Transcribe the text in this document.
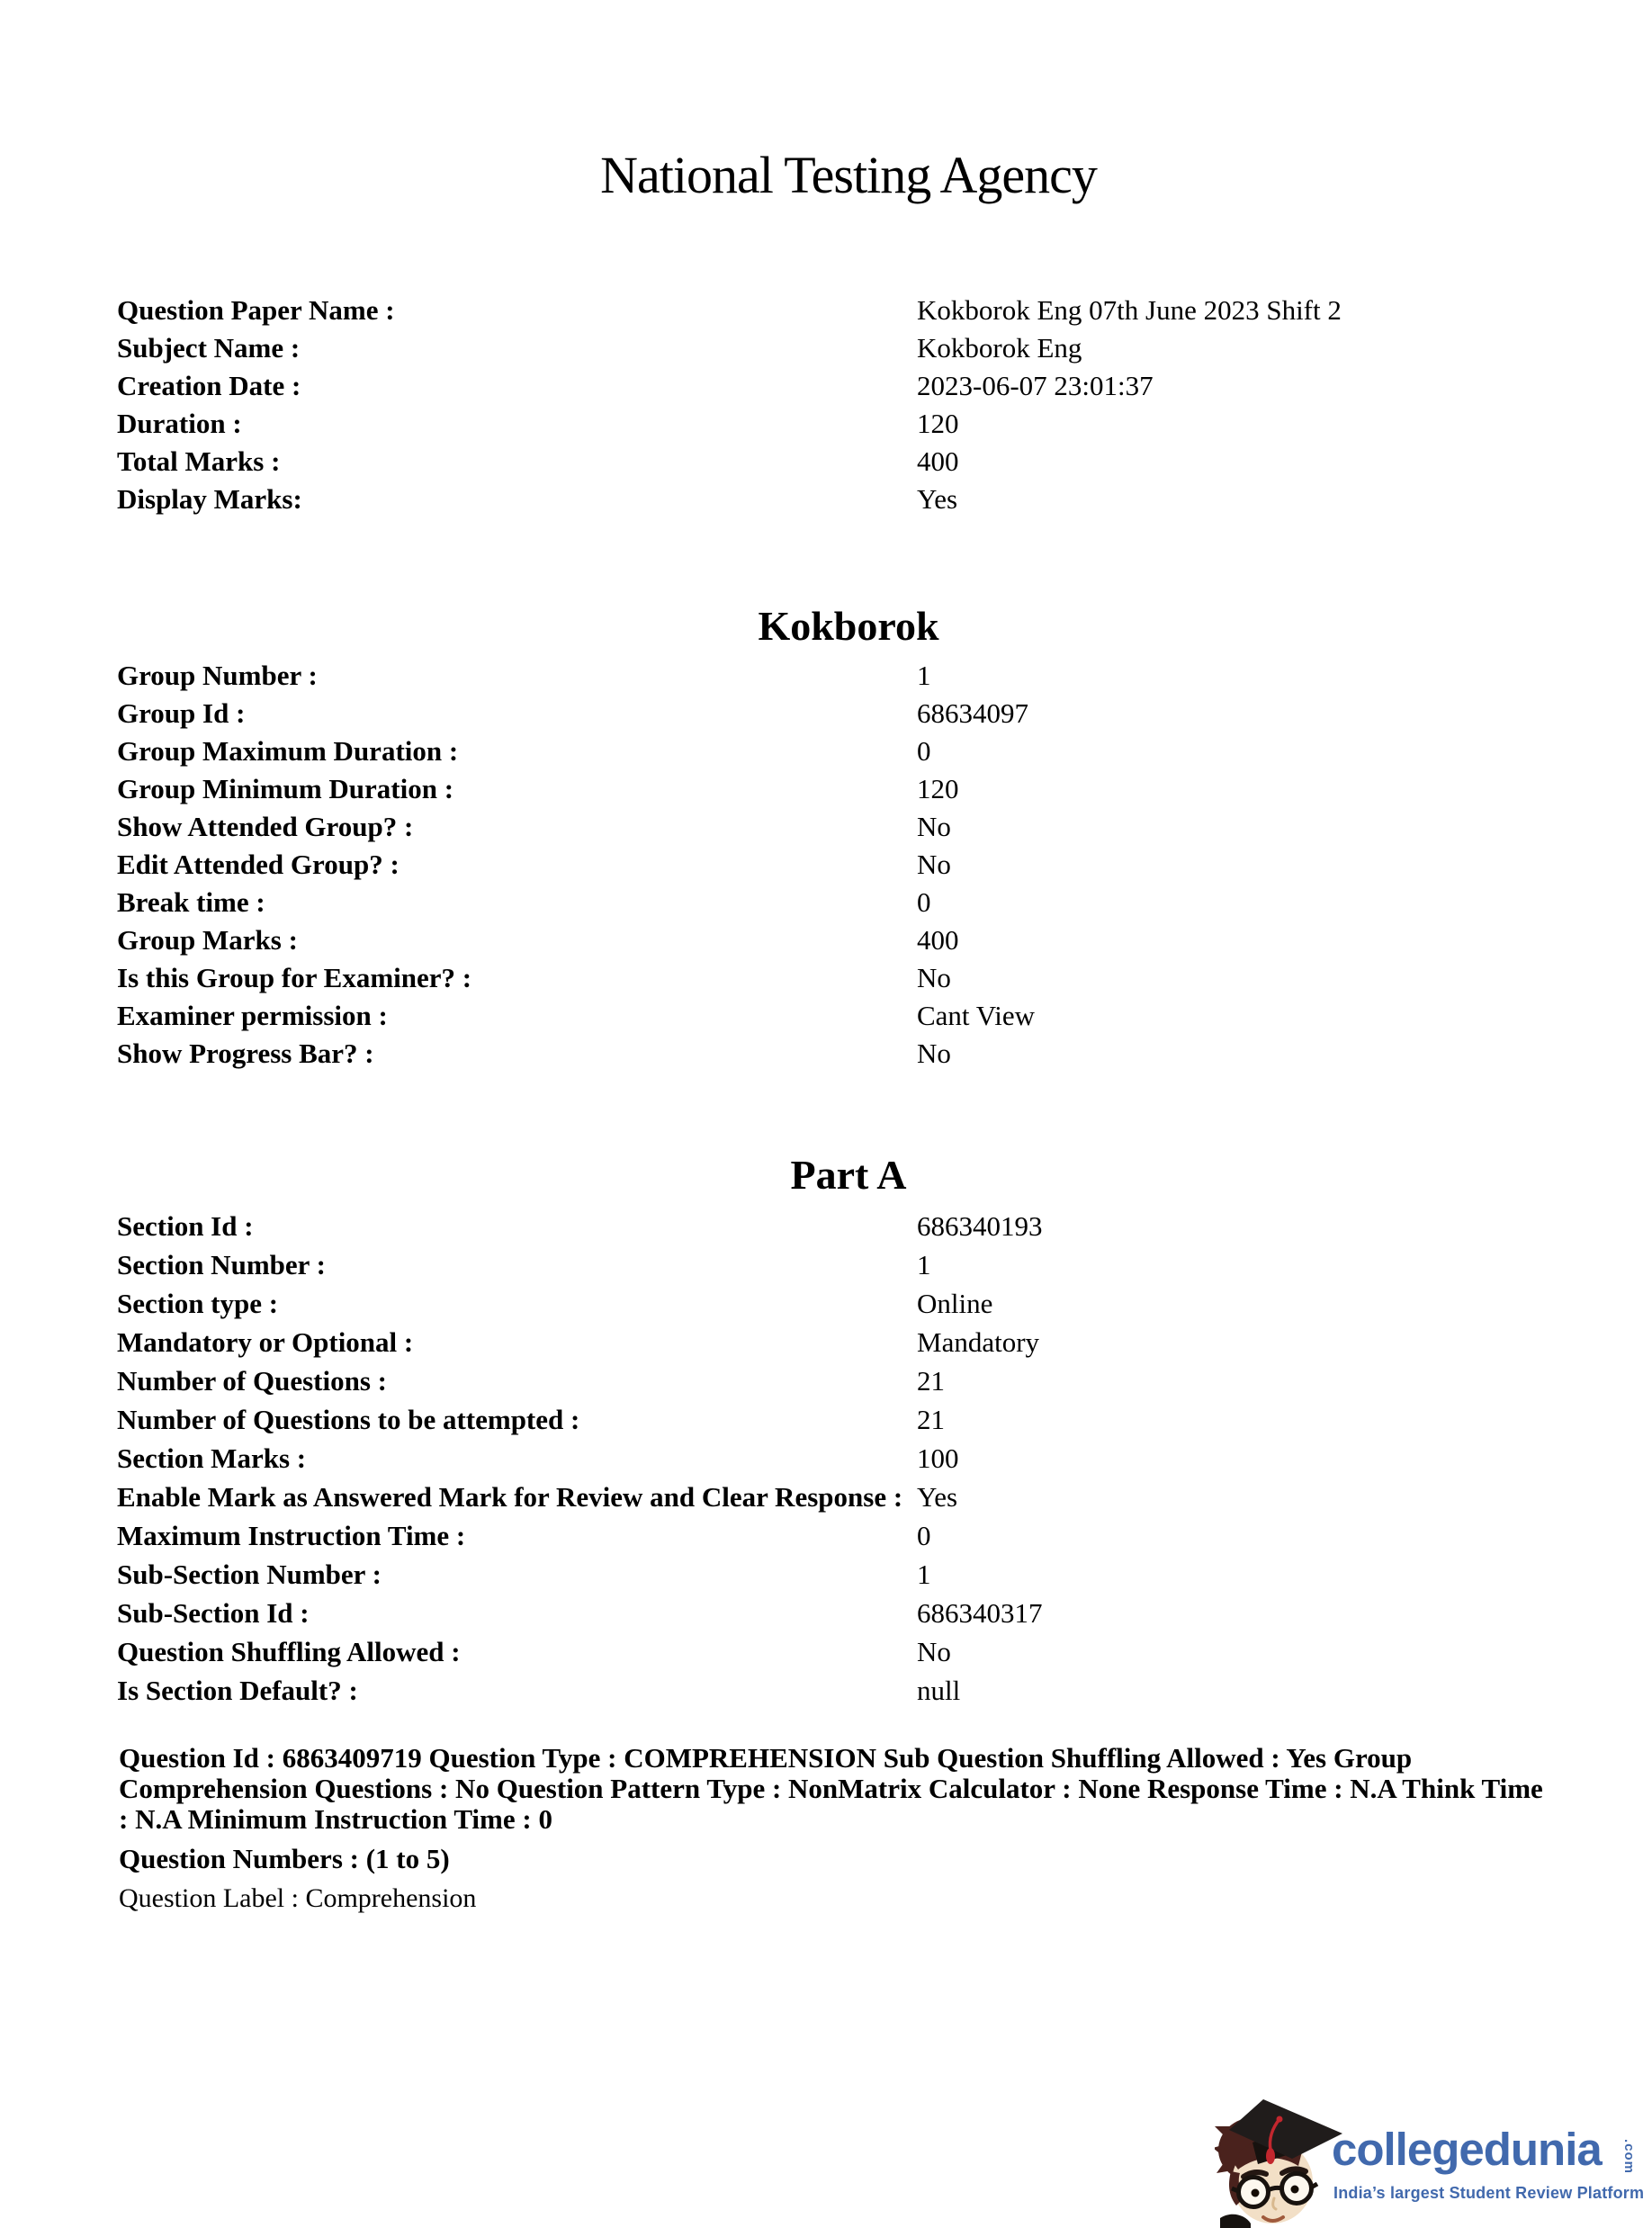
National Testing Agency
Question Paper Name :	Kokborok Eng 07th June 2023 Shift 2
Subject Name :	Kokborok Eng
Creation Date :	2023-06-07 23:01:37
Duration :	120
Total Marks :	400
Display Marks:	Yes
Kokborok
Group Number :	1
Group Id :	68634097
Group Maximum Duration :	0
Group Minimum Duration :	120
Show Attended Group? :	No
Edit Attended Group? :	No
Break time :	0
Group Marks :	400
Is this Group for Examiner? :	No
Examiner permission :	Cant View
Show Progress Bar? :	No
Part A
Section Id :	686340193
Section Number :	1
Section type :	Online
Mandatory or Optional :	Mandatory
Number of Questions :	21
Number of Questions to be attempted :	21
Section Marks :	100
Enable Mark as Answered Mark for Review and Clear Response : Yes
Maximum Instruction Time :	0
Sub-Section Number :	1
Sub-Section Id :	686340317
Question Shuffling Allowed :	No
Is Section Default? :	null
Question Id : 6863409719 Question Type : COMPREHENSION Sub Question Shuffling Allowed : Yes Group
Comprehension Questions : No Question Pattern Type : NonMatrix Calculator : None Response Time : N.A Think Time
: N.A Minimum Instruction Time : 0
Question Numbers : (1 to 5)
Question Label : Comprehension
collegedunia .com
India’s largest Student Review Platform
